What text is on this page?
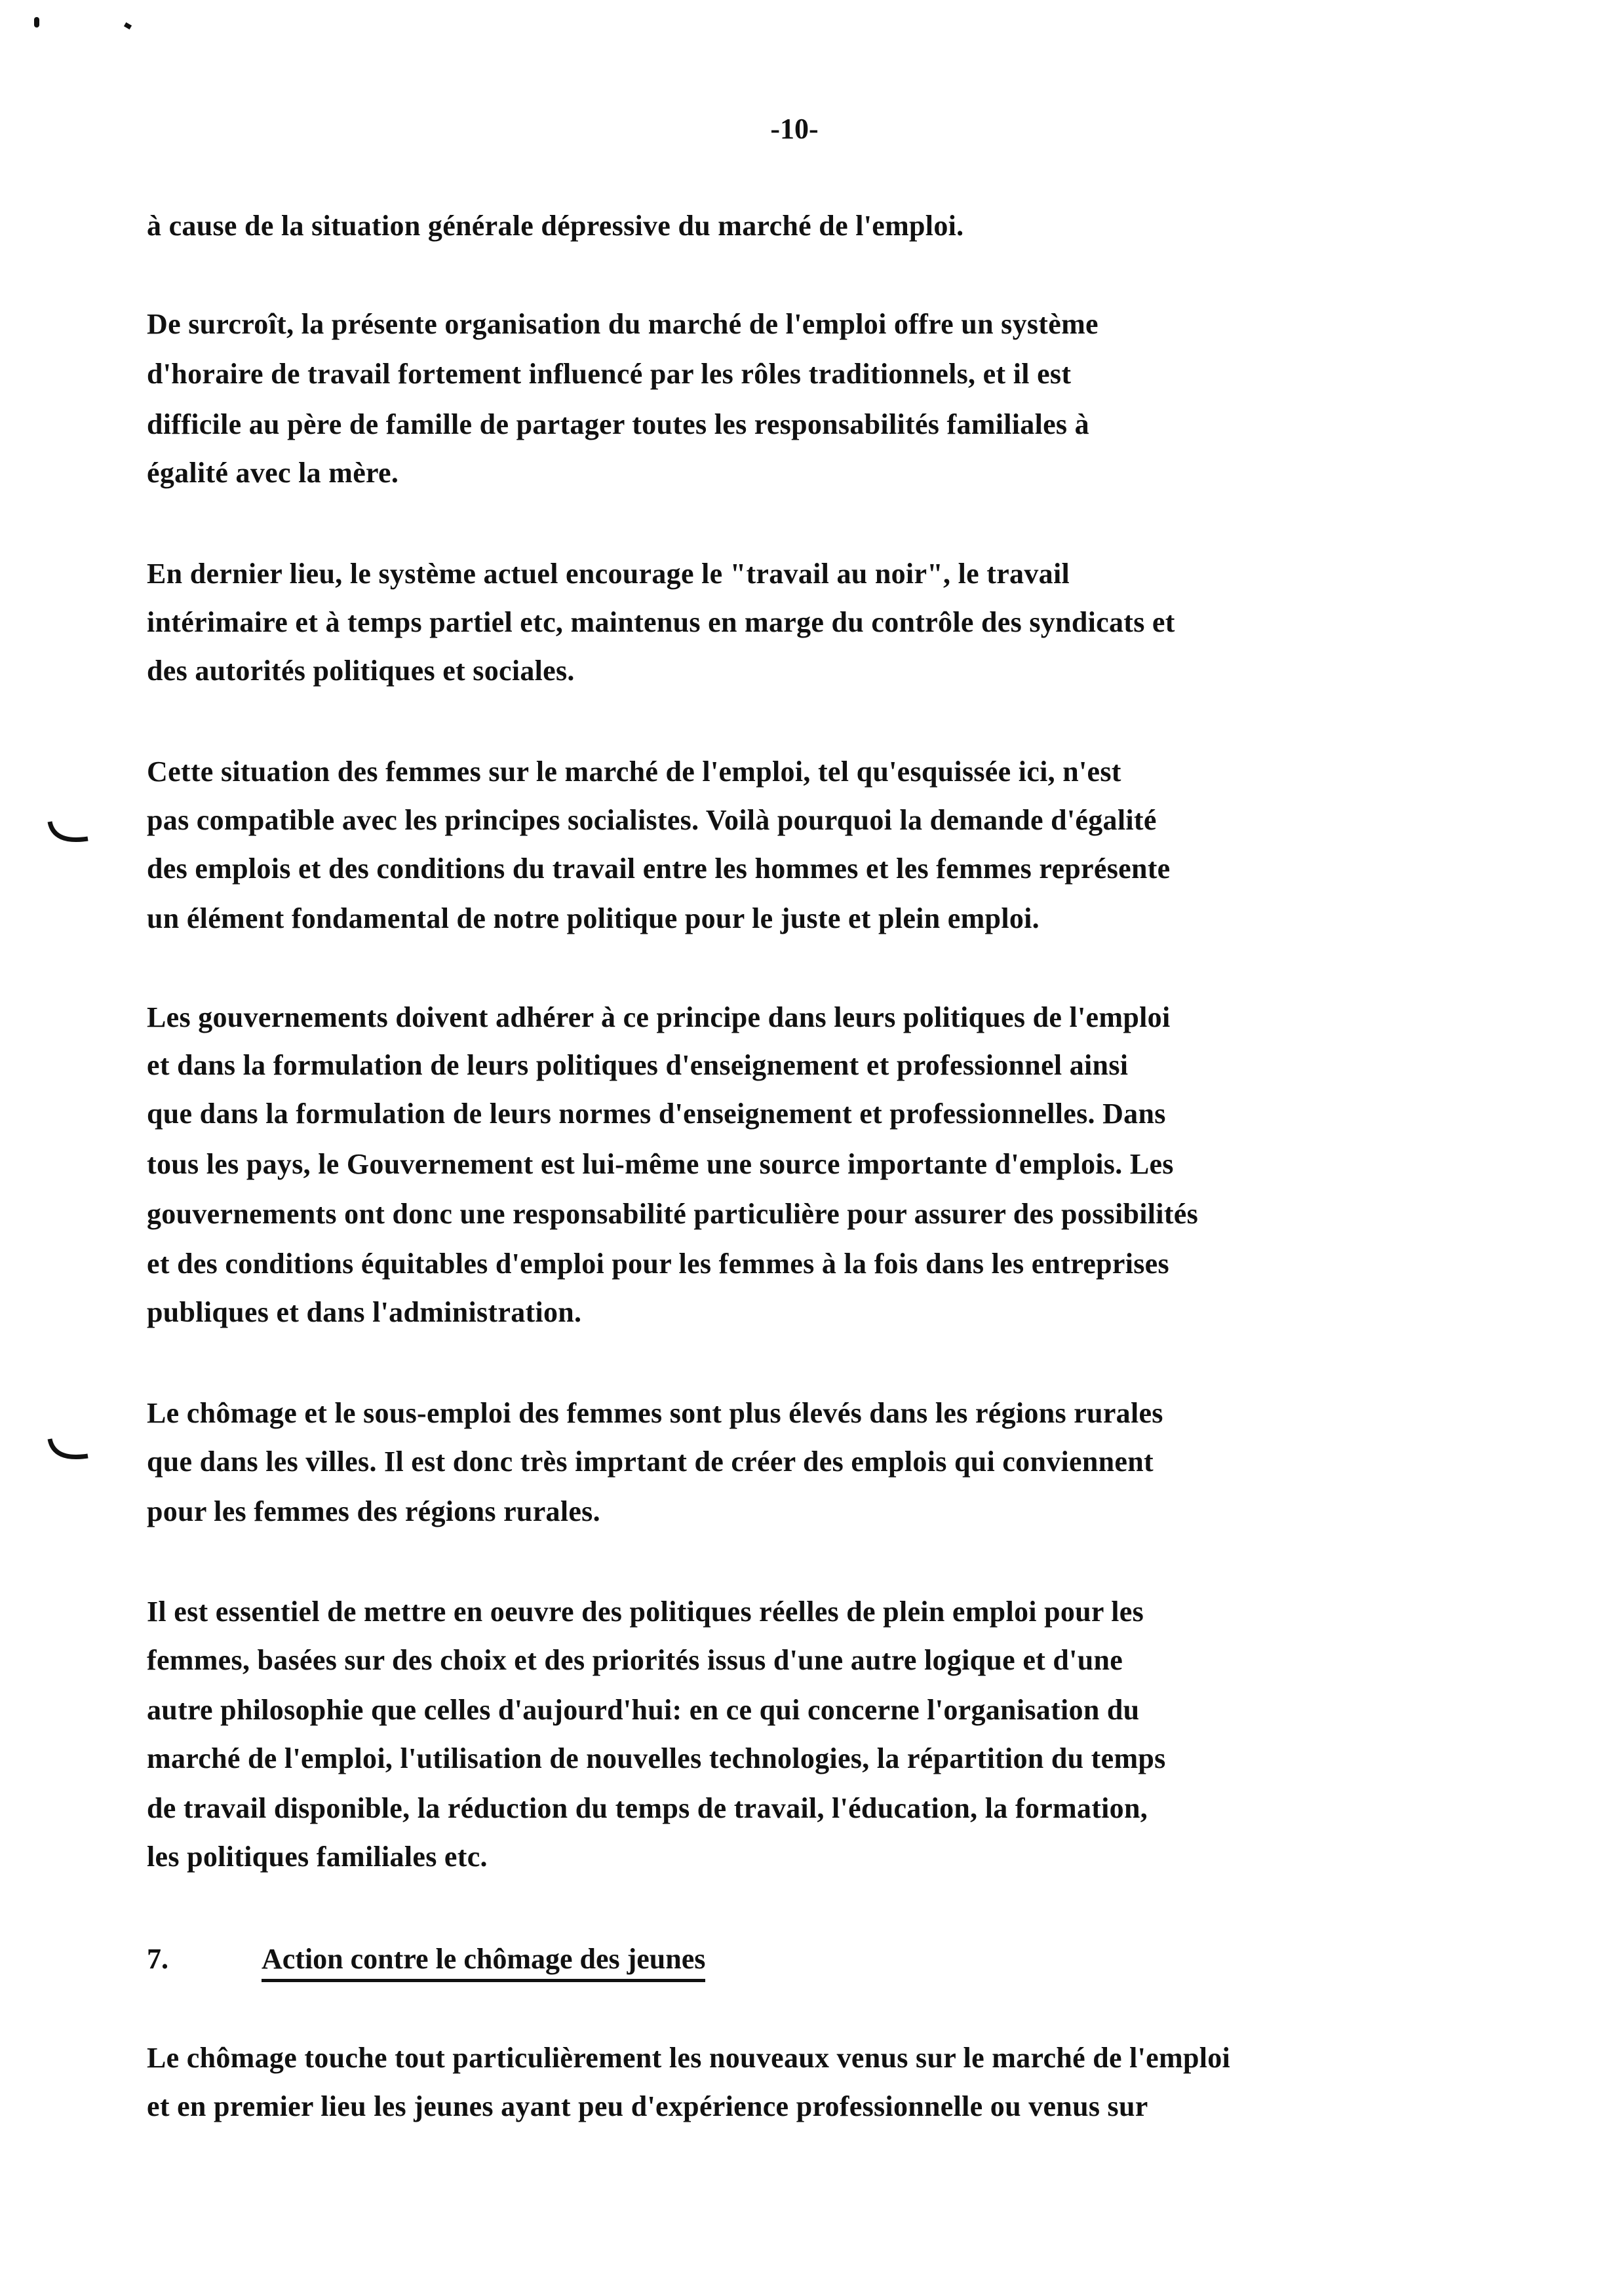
-10-
7.	Action contre le chômage des jeunes
à cause de la situation générale dépressive du marché de l'emploi.
De surcroît, la présente organisation du marché de l'emploi offre un système
d'horaire de travail fortement influencé par les rôles traditionnels, et il est
difficile au père de famille de partager toutes les responsabilités familiales à
égalité avec la mère.
En dernier lieu, le système actuel encourage le "travail au noir", le travail
intérimaire et à temps partiel etc, maintenus en marge du contrôle des syndicats et
des autorités politiques et sociales.
Cette situation des femmes sur le marché de l'emploi, tel qu'esquissée ici, n'est
pas compatible avec les principes socialistes. Voilà pourquoi la demande d'égalité
des emplois et des conditions du travail entre les hommes et les femmes représente
un élément fondamental de notre politique pour le juste et plein emploi.
Les gouvernements doivent adhérer à ce principe dans leurs politiques de l'emploi
et dans la formulation de leurs politiques d'enseignement et professionnel ainsi
que dans la formulation de leurs normes d'enseignement et professionnelles. Dans
tous les pays, le Gouvernement est lui-même une source importante d'emplois. Les
gouvernements ont donc une responsabilité particulière pour assurer des possibilités
et des conditions équitables d'emploi pour les femmes à la fois dans les entreprises
publiques et dans l'administration.
Le chômage et le sous-emploi des femmes sont plus élevés dans les régions rurales
que dans les villes. Il est donc très imprtant de créer des emplois qui conviennent
pour les femmes des régions rurales.
Il est essentiel de mettre en oeuvre des politiques réelles de plein emploi pour les
femmes, basées sur des choix et des priorités issus d'une autre logique et d'une
autre philosophie que celles d'aujourd'hui: en ce qui concerne l'organisation du
marché de l'emploi, l'utilisation de nouvelles technologies, la répartition du temps
de travail disponible, la réduction du temps de travail, l'éducation, la formation,
les politiques familiales etc.
Le chômage touche tout particulièrement les nouveaux venus sur le marché de l'emploi
et en premier lieu les jeunes ayant peu d'expérience professionnelle ou venus sur
